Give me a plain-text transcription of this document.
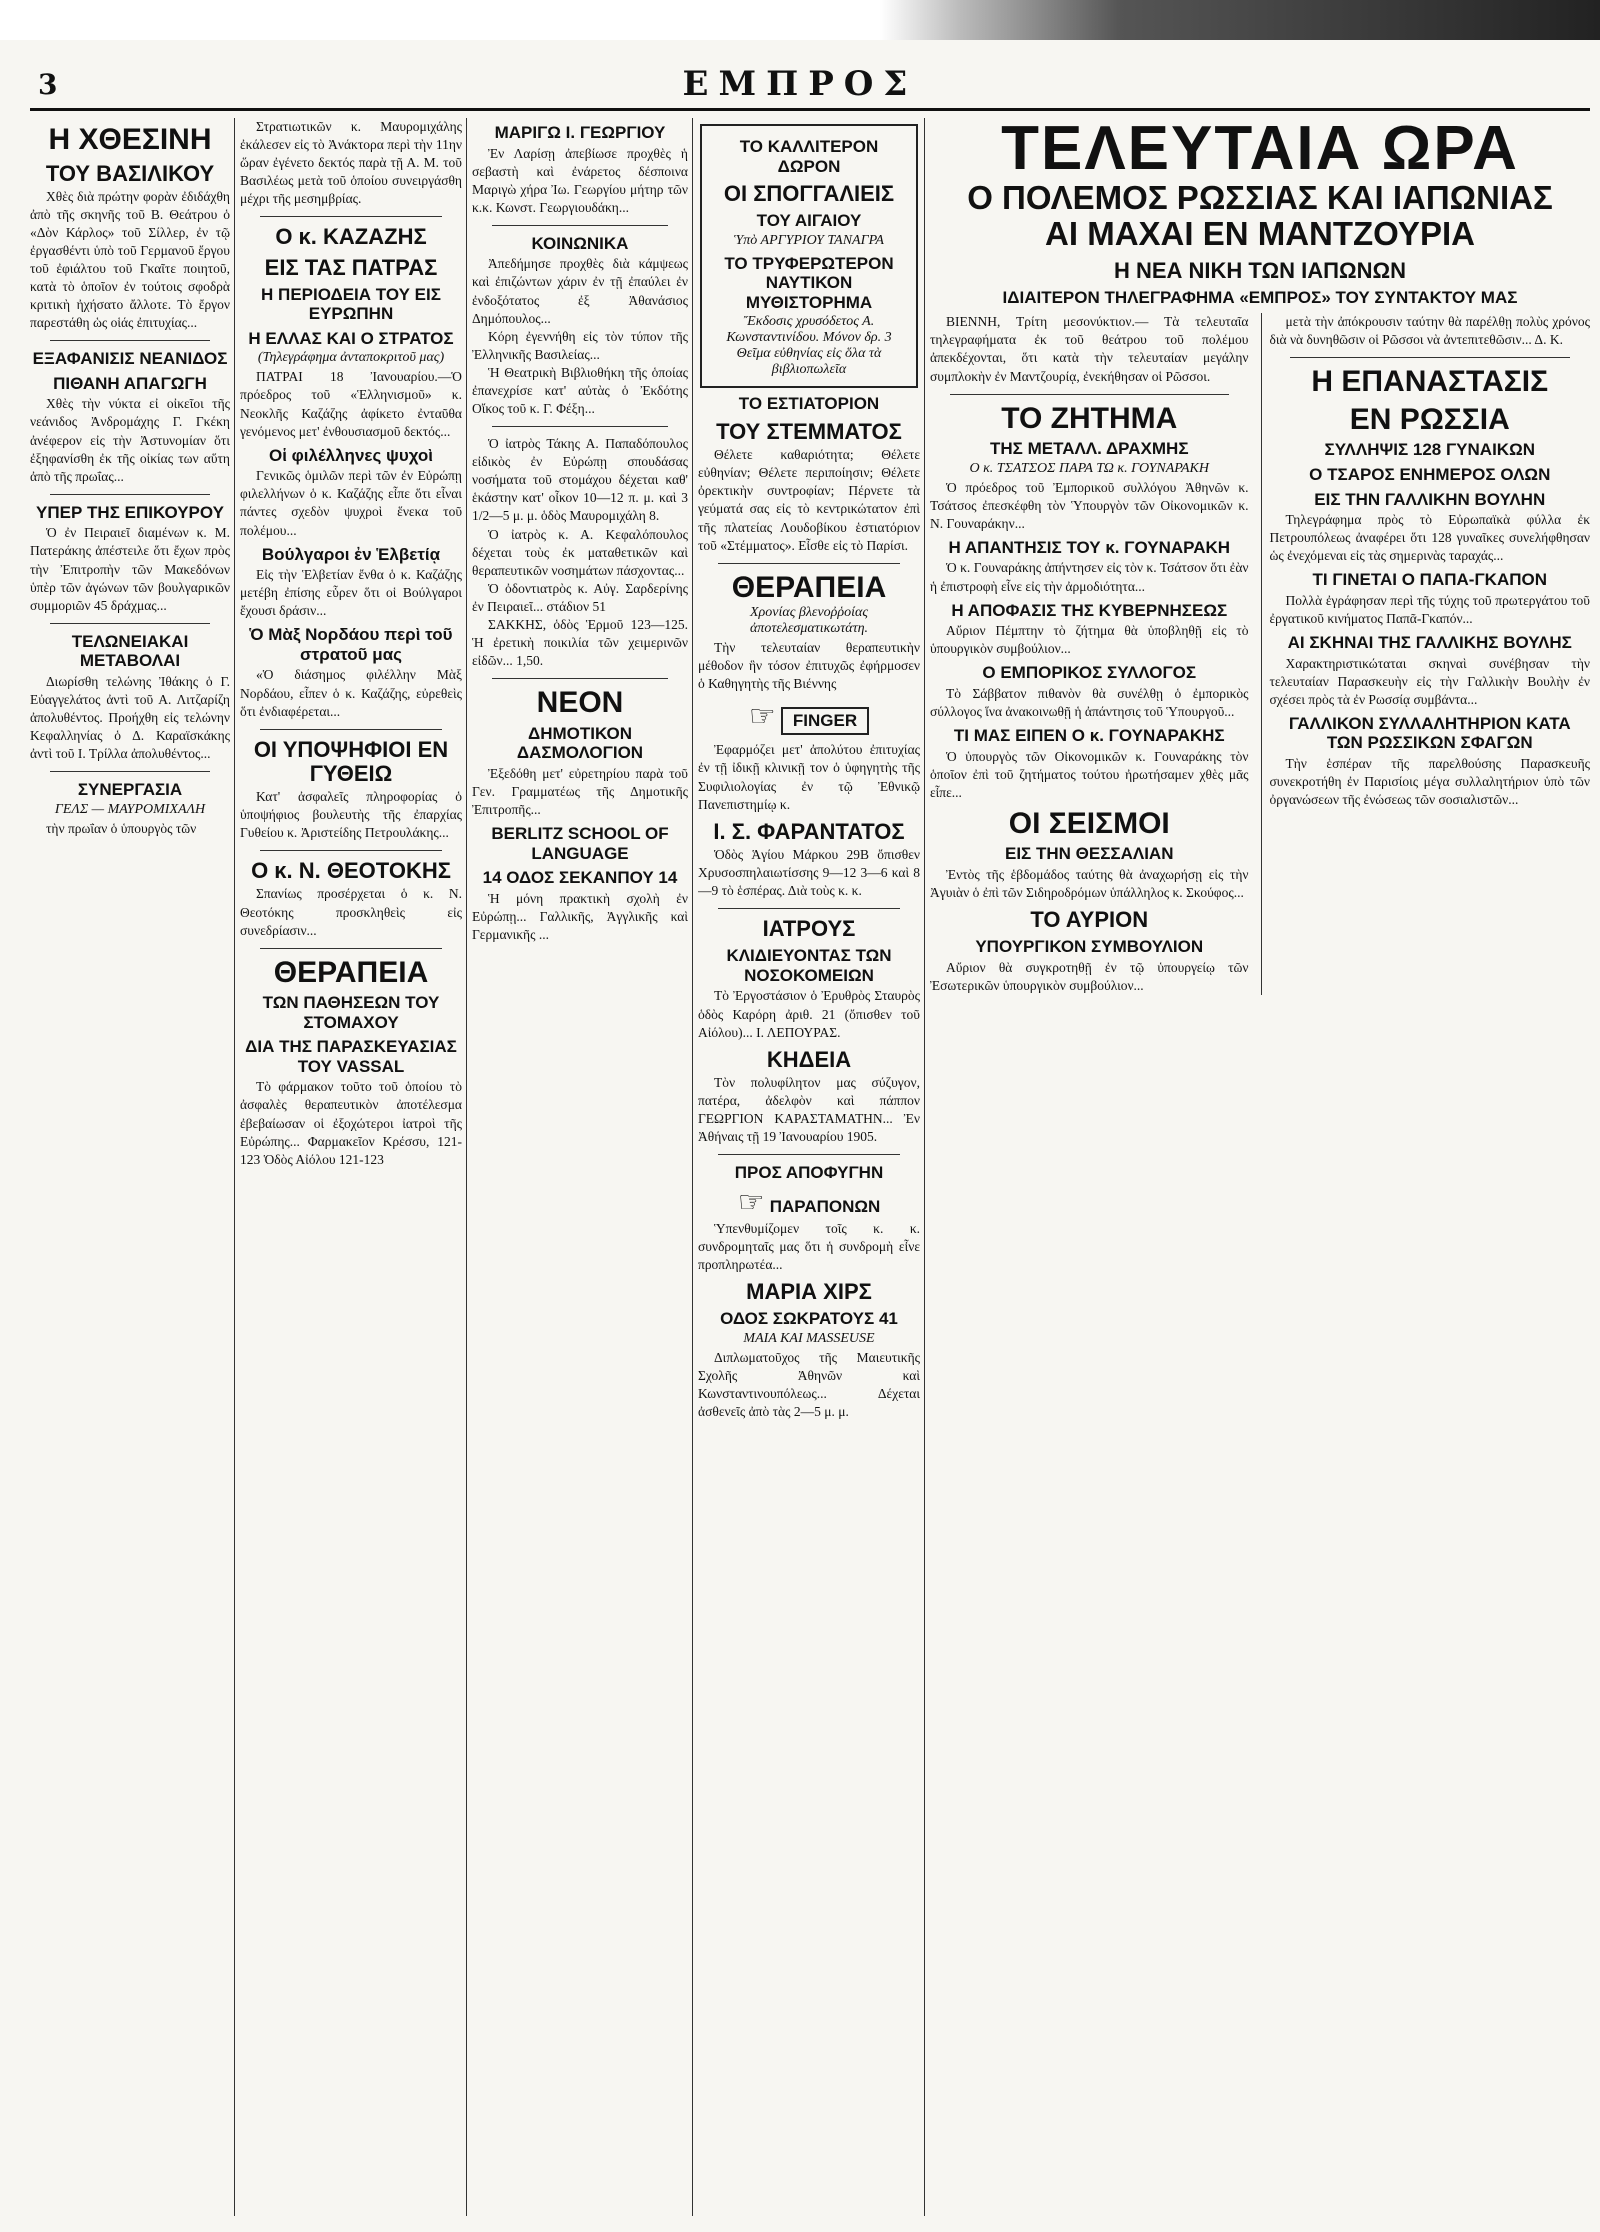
3	ΕΜΠΡΟΣ
Η ΧΘΕΣΙΝΗ
ΤΟΥ ΒΑΣΙΛΙΚΟΥ

Χθὲς διὰ πρώτην φορὰν ἐδιδάχθη ἀπὸ τῆς σκηνῆς τοῦ Β. Θεάτρου ὁ «Δὸν Κάρλος» τοῦ Σίλλερ, ἐν τῷ ἐργασθέντι ὑπὸ τοῦ Γερμανοῦ ἔργου τοῦ ἐφιάλτου τοῦ Γκαῖτε ποιητοῦ, κατὰ τὸ ὁποῖον ἐν τούτοις σφοδρὰ κριτικὴ ἠχήσατο ἄλλοτε. Τὸ ἔργον παρεστάθη ὡς οἱάς ἐπιτυχίας...

ΕΞΑΦΑΝΙΣΙΣ ΝΕΑΝΙΔΟΣ
ΠΙΘΑΝΗ ΑΠΑΓΩΓΗ

Χθὲς τὴν νύκτα εἰ οἰκεῖοι τῆς νεάνιδος Ἀνδρομάχης Γ. Γκέκη ἀνέφερον εἰς τὴν Ἀστυνομίαν ὅτι ἐξηφανίσθη ἐκ τῆς οἰκίας των αὕτη ἀπὸ τῆς πρωΐας...

ΥΠΕΡ ΤΗΣ ΕΠΙΚΟΥΡΟΥ

Ὁ ἐν Πειραιεῖ διαμένων κ. Μ. Πατεράκης ἀπέστειλε ὅτι ἔχων πρὸς τὴν Ἐπιτροπὴν τῶν Μακεδόνων ὑπὲρ τῶν ἀγώνων τῶν βουλγαρικῶν συμμοριῶν 45 δράχμας...

ΤΕΛΩΝΕΙΑΚΑΙ ΜΕΤΑΒΟΛΑΙ

Διωρίσθη τελώνης Ἰθάκης ὁ Γ. Εὐαγγελάτος ἀντὶ τοῦ Α. Λιτζαρίζη ἀπολυθέντος. Προήχθη εἰς τελώνην Κεφαλληνίας ὁ Δ. Καραϊσκάκης ἀντὶ τοῦ Ι. Τρίλλα ἀπολυθέντος...

ΣΥΝΕΡΓΑΣΙΑ
ΓΕΛΣ — ΜΑΥΡΟΜΙΧΑΛΗ

τὴν πρωΐαν ὁ ὑπουργὸς τῶν

Στρατιωτικῶν κ. Μαυρομιχάλης ἐκάλεσεν εἰς τὸ Ἀνάκτορα περὶ τὴν 11ην ὥραν ἐγένετο δεκτός παρὰ τῇ Α. Μ. τοῦ Βασιλέως μετὰ τοῦ ὁποίου συνειργάσθη μέχρι τῆς μεσημβρίας.

Ο κ. ΚΑΖΑΖΗΣ
ΕΙΣ ΤΑΣ ΠΑΤΡΑΣ
Η ΠΕΡΙΟΔΕΙΑ ΤΟΥ ΕΙΣ ΕΥΡΩΠΗΝ
Η ΕΛΛΑΣ ΚΑΙ Ο ΣΤΡΑΤΟΣ
(Τηλεγράφημα ἀνταποκριτοῦ μας)

ΠΑΤΡΑΙ 18 Ἰανουαρίου.—Ὁ πρόεδρος τοῦ «Ἑλληνισμοῦ» κ. Νεοκλῆς Καζάζης ἀφίκετο ἐνταῦθα γενόμενος μετ' ἐνθουσιασμοῦ δεκτός...

Οἱ φιλέλληνες ψυχοὶ

Γενικῶς ὁμιλῶν περὶ τῶν ἐν Εὐρώπῃ φιλελλήνων ὁ κ. Καζάζης εἶπε ὅτι εἶναι πάντες σχεδὸν ψυχροὶ ἕνεκα τοῦ πολέμου...

Βούλγαροι ἐν Ἑλβετίᾳ

Εἰς τὴν Ἑλβετίαν ἔνθα ὁ κ. Καζάζης μετέβη ἐπίσης εὗρεν ὅτι οἱ Βούλγαροι ἔχουσι δράσιν...

Ὁ Μὰξ Νορδάου περὶ τοῦ στρατοῦ μας

«Ὁ διάσημος φιλέλλην Μὰξ Νορδάου, εἶπεν ὁ κ. Καζάζης, εὐρεθεὶς ὅτι ἐνδιαφέρεται...

ΟΙ ΥΠΟΨΗΦΙΟΙ ΕΝ ΓΥΘΕΙΩ

Κατ' ἀσφαλεῖς πληροφορίας ὁ ὑποψήφιος βουλευτὴς τῆς ἐπαρχίας Γυθείου κ. Ἀριστείδης Πετρουλάκης...

Ο κ. Ν. ΘΕΟΤΟΚΗΣ

Σπανίως προσέρχεται ὁ κ. Ν. Θεοτόκης προσκληθεὶς εἰς συνεδρίασιν...

ΘΕΡΑΠΕΙΑ
ΤΩΝ ΠΑΘΗΣΕΩΝ ΤΟΥ ΣΤΟΜΑΧΟΥ
ΔΙΑ ΤΗΣ ΠΑΡΑΣΚΕΥΑΣΙΑΣ ΤΟΥ VASSAL

Τὸ φάρμακον τοῦτο τοῦ ὁποίου τὸ ἀσφαλὲς θεραπευτικὸν ἀποτέλεσμα ἐβεβαίωσαν οἱ ἐξοχώτεροι ἰατροὶ τῆς Εὐρώπης... Φαρμακεῖον Κρέσσυ, 121-123 Ὁδὸς Αἰόλου 121-123

ΜΑΡΙΓΩ Ι. ΓΕΩΡΓΙΟΥ

Ἐν Λαρίσῃ ἀπεβίωσε προχθὲς ἡ σεβαστὴ καὶ ἐνάρετος δέσποινα Μαριγὼ χήρα Ἰω. Γεωργίου μήτηρ τῶν κ.κ. Κωνστ. Γεωργιουδάκη...

ΚΟΙΝΩΝΙΚΑ

Ἀπεδήμησε προχθὲς διὰ κάμψεως καὶ ἐπιζώντων χάριν ἐν τῇ ἐπαύλει ἐν ἐνδοξότατος ἐξ Ἀθανάσιος Δημόπουλος...

Κόρη ἐγεννήθη εἰς τὸν τύπον τῆς Ἐλληνικῆς Βασιλείας...

Ἡ Θεατρικὴ Βιβλιοθήκη τῆς ὁποίας ἐπανεχρίσε κατ' αὐτὰς ὁ Ἐκδότης Οἴκος τοῦ κ. Γ. Φέξη...

Ὁ ἰατρὸς Τάκης Α. Παπαδόπουλος εἰδικὸς ἐν Εὐρώπῃ σπουδάσας νοσήματα τοῦ στομάχου δέχεται καθ' ἑκάστην κατ' οἶκον 10—12 π. μ. καὶ 3 1/2—5 μ. μ. ὁδὸς Μαυρομιχάλη 8.

Ὁ ἰατρὸς κ. Α. Κεφαλόπουλος δέχεται τοὺς ἐκ ματαθετικῶν καὶ θεραπευτικῶν νοσημάτων πάσχοντας...

Ὁ ὀδοντιατρὸς κ. Αὐγ. Σαρδερίνης ἐν Πειραιεῖ... στάδιον 51

ΣΑΚΚΗΣ, ὁδὸς Ἑρμοῦ 123—125. Ἡ ἐρετικὴ ποικιλία τῶν χειμερινῶν εἰδῶν... 1,50.

ΝΕΟΝ
ΔΗΜΟΤΙΚΟΝ ΔΑΣΜΟΛΟΓΙΟΝ

Ἐξεδόθη μετ' εὐρετηρίου παρὰ τοῦ Γεν. Γραμματέως τῆς Δημοτικῆς Ἐπιτροπῆς...

BERLITZ SCHOOL OF LANGUAGE
14 ΟΔΟΣ ΣΕΚΑΝΠΟΥ 14

Ἡ μόνη πρακτικὴ σχολὴ ἐν Εὐρώπῃ... Γαλλικῆς, Ἀγγλικῆς καὶ Γερμανικῆς ...

ΤΟ ΚΑΛΛΙΤΕΡΟΝ ΔΩΡΟΝ
ΟΙ ΣΠΟΓΓΑΛΙΕΙΣ
ΤΟΥ ΑΙΓΑΙΟΥ
Ὑπὸ ΑΡΓΥΡΙΟΥ ΤΑΝΑΓΡΑ
ΤΟ ΤΡΥΦΕΡΩΤΕΡΟΝ ΝΑΥΤΙΚΟΝ ΜΥΘΙΣΤΟΡΗΜΑ
Ἔκδοσις χρυσόδετος Α. Κωνσταντινίδου. Μόνον δρ. 3 Θεῖμα εὐθηνίας εἰς ὅλα τὰ βιβλιοπωλεῖα
ΤΟ ΕΣΤΙΑΤΟΡΙΟΝ
ΤΟΥ ΣΤΕΜΜΑΤΟΣ

Θέλετε καθαριότητα; Θέλετε εὐθηνίαν; Θέλετε περιποίησιν; Θέλετε ὀρεκτικὴν συντροφίαν; Πέρνετε τὰ γεύματά σας εἰς τὸ κεντρικώτατον ἐπὶ τῆς πλατείας Λουδοβίκου ἑστιατόριον τοῦ «Στέμματος». Εἶσθε εἰς τὸ Παρίσι.

ΘΕΡΑΠΕΙΑ
Χρονίας βλενοῤῥοίας ἀποτελεσματικωτάτη.

Τὴν τελευταίαν θεραπευτικὴν μέθοδον ἣν τόσον ἐπιτυχῶς ἐφήρμοσεν ὁ Καθηγητὴς τῆς Βιέννης

☞ FINGER

Ἐφαρμόζει μετ' ἀπολύτου ἐπιτυχίας ἐν τῇ ἰδικῇ κλινικῇ τον ὁ ὑφηγητὴς τῆς Συφιλιολογίας ἐν τῷ Ἐθνικῷ Πανεπιστημίῳ κ.

Ι. Σ. ΦΑΡΑΝΤΑΤΟΣ

Ὁδὸς Ἁγίου Μάρκου 29Β ὄπισθεν Χρυσοσπηλαιωτίσσης 9—12 3—6 καὶ 8—9 τὸ ἑσπέρας. Διὰ τοὺς κ. κ.

ΙΑΤΡΟΥΣ
ΚΛΙΔΙΕΥΟΝΤΑΣ ΤΩΝ ΝΟΣΟΚΟΜΕΙΩΝ

Τὸ Ἐργοστάσιον ὁ Ἐρυθρὸς Σταυρὸς ὁδὸς Καρόρη ἀριθ. 21 (ὄπισθεν τοῦ Αἰόλου)... Ι. ΛΕΠΟΥΡΑΣ.

ΚΗΔΕΙΑ

Τὸν πολυφίλητον μας σύζυγον, πατέρα, ἀδελφὸν καὶ πάππον ΓΕΩΡΓΙΟΝ ΚΑΡΑΣΤΑΜΑΤΗΝ... Ἐν Ἀθήναις τῇ 19 Ἰανουαρίου 1905.

ΠΡΟΣ ΑΠΟΦΥΓΗΝ
☞ ΠΑΡΑΠΟΝΩΝ

Ὑπενθυμίζομεν τοῖς κ. κ. συνδρομηταῖς μας ὅτι ἡ συνδρομὴ εἶνε προπληρωτέα...

ΜΑΡΙΑ ΧΙΡΣ
ΟΔΟΣ ΣΩΚΡΑΤΟΥΣ 41
ΜΑΙΑ ΚΑΙ MASSEUSE

Διπλωματοῦχος τῆς Μαιευτικῆς Σχολῆς Ἀθηνῶν καὶ Κωνσταντινουπόλεως... Δέχεται ἀσθενεῖς ἀπὸ τὰς 2—5 μ. μ.

ΤΕΛΕΥΤΑΙΑ ΩΡΑ
Ο ΠΟΛΕΜΟΣ ΡΩΣΣΙΑΣ ΚΑΙ ΙΑΠΩΝΙΑΣ
ΑΙ ΜΑΧΑΙ ΕΝ ΜΑΝΤΖΟΥΡΙΑ
Η ΝΕΑ ΝΙΚΗ ΤΩΝ ΙΑΠΩΝΩΝ
ΙΔΙΑΙΤΕΡΟΝ ΤΗΛΕΓΡΑΦΗΜΑ «ΕΜΠΡΟΣ» ΤΟΥ ΣΥΝΤΑΚΤΟΥ ΜΑΣ

ΒΙΕΝΝΗ, Τρίτη μεσονύκτιον.— Τὰ τελευταῖα τηλεγραφήματα ἐκ τοῦ θεάτρου τοῦ πολέμου ἀπεκδέχονται, ὅτι κατὰ τὴν τελευταίαν μεγάλην συμπλοκὴν ἐν Μαντζουρίᾳ, ἐνεκήθησαν οἱ Ρῶσσοι.

ΤΟ ΖΗΤΗΜΑ
ΤΗΣ ΜΕΤΑΛΛ. ΔΡΑΧΜΗΣ
Ο κ. ΤΣΑΤΣΟΣ ΠΑΡΑ ΤΩ κ. ΓΟΥΝΑΡΑΚΗ

Ὁ πρόεδρος τοῦ Ἐμπορικοῦ συλλόγου Ἀθηνῶν κ. Τσάτσος ἐπεσκέφθη τὸν Ὑπουργὸν τῶν Οἰκονομικῶν κ. Ν. Γουναράκην...

Η ΑΠΑΝΤΗΣΙΣ ΤΟΥ κ. ΓΟΥΝΑΡΑΚΗ

Ὁ κ. Γουναράκης ἀπήντησεν εἰς τὸν κ. Τσάτσον ὅτι ἐὰν ἡ ἐπιστροφὴ εἶνε εἰς τὴν ἀρμοδιότητα...

Η ΑΠΟΦΑΣΙΣ ΤΗΣ ΚΥΒΕΡΝΗΣΕΩΣ

Αὔριον Πέμπτην τὸ ζήτημα θὰ ὑποβληθῇ εἰς τὸ ὑπουργικὸν συμβούλιον...

Ο ΕΜΠΟΡΙΚΟΣ ΣΥΛΛΟΓΟΣ

Τὸ Σάββατον πιθανὸν θὰ συνέλθῃ ὁ ἐμπορικὸς σύλλογος ἵνα ἀνακοινωθῇ ἡ ἀπάντησις τοῦ Ὑπουργοῦ...

ΤΙ ΜΑΣ ΕΙΠΕΝ Ο κ. ΓΟΥΝΑΡΑΚΗΣ

Ὁ ὑπουργὸς τῶν Οἰκονομικῶν κ. Γουναράκης τὸν ὁποῖον ἐπὶ τοῦ ζητήματος τούτου ἠρωτήσαμεν χθὲς μᾶς εἶπε...

ΟΙ ΣΕΙΣΜΟΙ
ΕΙΣ ΤΗΝ ΘΕΣΣΑΛΙΑΝ

Ἐντὸς τῆς ἑβδομάδος ταύτης θὰ ἀναχωρήσῃ εἰς τὴν Ἀγυιὰν ὁ ἐπὶ τῶν Σιδηροδρόμων ὑπάλληλος κ. Σκούφος...

ΤΟ ΑΥΡΙΟΝ
ΥΠΟΥΡΓΙΚΟΝ ΣΥΜΒΟΥΛΙΟΝ

Αὔριον θὰ συγκροτηθῇ ἐν τῷ ὑπουργείῳ τῶν Ἐσωτερικῶν ὑπουργικὸν συμβούλιον...

μετὰ τὴν ἀπόκρουσιν ταύτην θὰ παρέλθῃ πολὺς χρόνος διὰ νὰ δυνηθῶσιν οἱ Ρῶσσοι νὰ ἀντεπιτεθῶσιν... Δ. Κ.

Η ΕΠΑΝΑΣΤΑΣΙΣ
ΕΝ ΡΩΣΣΙΑ
ΣΥΛΛΗΨΙΣ 128 ΓΥΝΑΙΚΩΝ
Ο ΤΣΑΡΟΣ ΕΝΗΜΕΡΟΣ ΟΛΩΝ
ΕΙΣ ΤΗΝ ΓΑΛΛΙΚΗΝ ΒΟΥΛΗΝ

Τηλεγράφημα πρὸς τὸ Εὐρωπαϊκὰ φύλλα ἐκ Πετρουπόλεως ἀναφέρει ὅτι 128 γυναῖκες συνελήφθησαν ὡς ἐνεχόμεναι εἰς τὰς σημερινὰς ταραχάς...

ΤΙ ΓΙΝΕΤΑΙ Ο ΠΑΠΑ-ΓΚΑΠΟΝ

Πολλὰ ἐγράφησαν περὶ τῆς τύχης τοῦ πρωτεργάτου τοῦ ἐργατικοῦ κινήματος Παπᾶ-Γκαπόν...

ΑΙ ΣΚΗΝΑΙ ΤΗΣ ΓΑΛΛΙΚΗΣ ΒΟΥΛΗΣ

Χαρακτηριστικώταται σκηναὶ συνέβησαν τὴν τελευταίαν Παρασκευὴν εἰς τὴν Γαλλικὴν Βουλὴν ἐν σχέσει πρὸς τὰ ἐν Ρωσσίᾳ συμβάντα...

ΓΑΛΛΙΚΟΝ ΣΥΛΛΑΛΗΤΗΡΙΟΝ ΚΑΤΑ ΤΩΝ ΡΩΣΣΙΚΩΝ ΣΦΑΓΩΝ

Τὴν ἑσπέραν τῆς παρελθούσης Παρασκευῆς συνεκροτήθη ἐν Παρισίοις μέγα συλλαλητήριον ὑπὸ τῶν ὀργανώσεων τῆς ἐνώσεως τῶν σοσιαλιστῶν...
